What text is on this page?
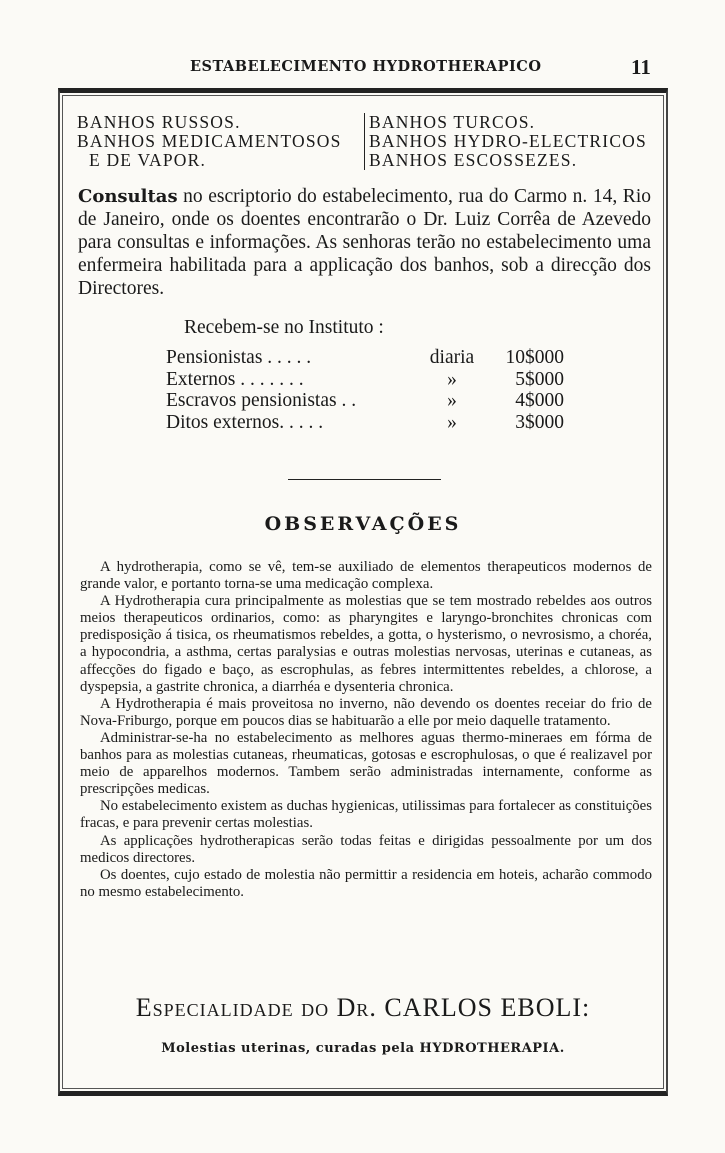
ESTABELECIMENTO HYDROTHERAPICO	11
BANHOS RUSSOS.
BANHOS MEDICAMENTOSOS
E DE VAPOR.
BANHOS TURCOS.
BANHOS HYDRO-ELECTRICOS
BANHOS ESCOSSEZES.
Consultas no escriptorio do estabelecimento, rua do Carmo n. 14, Rio de Janeiro, onde os doentes encontrarão o Dr. Luiz Corrêa de Azevedo para consultas e informações. As senhoras terão no estabelecimento uma enfermeira habilitada para a applicação dos banhos, sob a direcção dos Directores.
Recebem-se no Instituto :
Pensionistas . . . . .	diaria	10$000
Externos . . . . . . .	»	5$000
Escravos pensionistas . .	»	4$000
Ditos externos. . . . .	»	3$000
OBSERVAÇÕES

A hydrotherapia, como se vê, tem-se auxiliado de elementos therapeuticos modernos de grande valor, e portanto torna-se uma medicação complexa.

A Hydrotherapia cura principalmente as molestias que se tem mostrado rebeldes aos outros meios therapeuticos ordinarios, como: as pharyngites e laryngo-bronchites chronicas com predisposição á tisica, os rheumatismos rebeldes, a gotta, o hysterismo, o nevrosismo, a choréa, a hypocondria, a asthma, certas paralysias e outras molestias nervosas, uterinas e cutaneas, as affecções do figado e baço, as escrophulas, as febres intermittentes rebeldes, a chlorose, a dyspepsia, a gastrite chronica, a diarrhéa e dysenteria chronica.

A Hydrotherapia é mais proveitosa no inverno, não devendo os doentes receiar do frio de Nova-Friburgo, porque em poucos dias se habituarão a elle por meio daquelle tratamento.

Administrar-se-ha no estabelecimento as melhores aguas thermo-mineraes em fórma de banhos para as molestias cutaneas, rheumaticas, gotosas e escrophulosas, o que é realizavel por meio de apparelhos modernos. Tambem serão administradas internamente, conforme as prescripções medicas.

No estabelecimento existem as duchas hygienicas, utilissimas para fortalecer as constituições fracas, e para prevenir certas molestias.

As applicações hydrotherapicas serão todas feitas e dirigidas pessoalmente por um dos medicos directores.

Os doentes, cujo estado de molestia não permittir a residencia em hoteis, acharão commodo no mesmo estabelecimento.

Especialidade do Dr. CARLOS EBOLI:
Molestias uterinas, curadas pela HYDROTHERAPIA.
